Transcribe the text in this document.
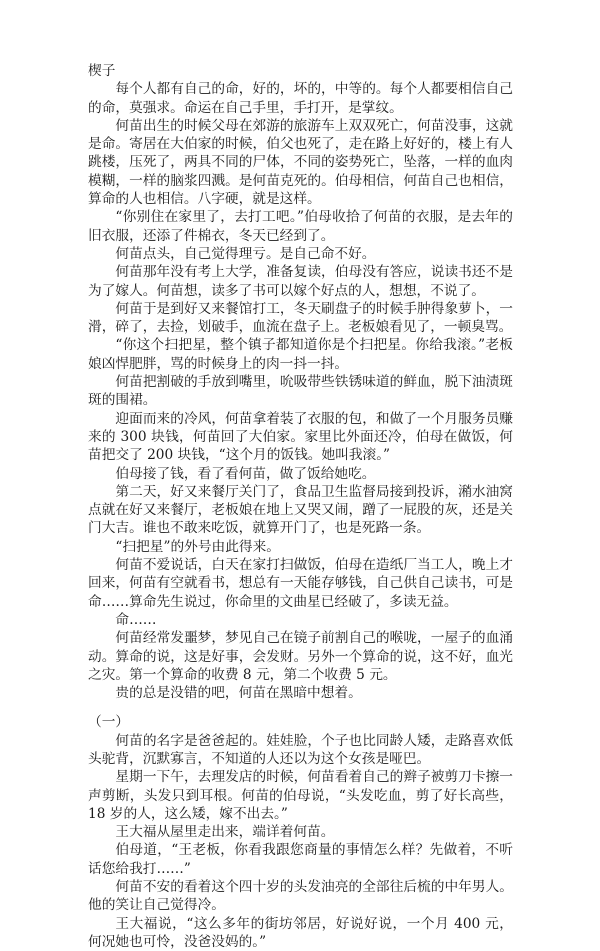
楔子

每个人都有自己的命，好的，坏的，中等的。每个人都要相信自己的命，莫强求。命运在自己手里，手打开，是掌纹。

何苗出生的时候父母在郊游的旅游车上双双死亡，何苗没事，这就是命。寄居在大伯家的时候，伯父也死了，走在路上好好的，楼上有人跳楼，压死了，两具不同的尸体，不同的姿势死亡，坠落，一样的血肉模糊，一样的脑浆四溅。是何苗克死的。伯母相信，何苗自己也相信，算命的人也相信。八字硬，就是这样。

“你别住在家里了，去打工吧。”伯母收拾了何苗的衣服，是去年的旧衣服，还添了件棉衣，冬天已经到了。

何苗点头，自己觉得理亏。是自己命不好。

何苗那年没有考上大学，准备复读，伯母没有答应，说读书还不是为了嫁人。何苗想，读多了书可以嫁个好点的人，想想，不说了。

何苗于是到好又来餐馆打工，冬天刷盘子的时候手肿得象萝卜，一滑，碎了，去捡，划破手，血流在盘子上。老板娘看见了，一顿臭骂。

“你这个扫把星，整个镇子都知道你是个扫把星。你给我滚。”老板娘凶悍肥胖，骂的时候身上的肉一抖一抖。

何苗把割破的手放到嘴里，吮吸带些铁锈味道的鲜血，脱下油渍斑斑的围裙。

迎面而来的冷风，何苗拿着装了衣服的包，和做了一个月服务员赚来的 300 块钱，何苗回了大伯家。家里比外面还冷，伯母在做饭，何苗把交了 200 块钱，“这个月的饭钱。她叫我滚。”

伯母接了钱，看了看何苗，做了饭给她吃。

第二天，好又来餐厅关门了，食品卫生监督局接到投诉，潲水油窝点就在好又来餐厅，老板娘在地上又哭又闹，蹭了一屁股的灰，还是关门大吉。谁也不敢来吃饭，就算开门了，也是死路一条。

“扫把星”的外号由此得来。

何苗不爱说话，白天在家打扫做饭，伯母在造纸厂当工人，晚上才回来，何苗有空就看书，想总有一天能存够钱，自己供自己读书，可是命……算命先生说过，你命里的文曲星已经破了，多读无益。

命……

何苗经常发噩梦，梦见自己在镜子前割自己的喉咙，一屋子的血涌动。算命的说，这是好事，会发财。另外一个算命的说，这不好，血光之灾。第一个算命的收费 8 元，第二个收费 5 元。

贵的总是没错的吧，何苗在黑暗中想着。

（一）

何苗的名字是爸爸起的。娃娃脸，个子也比同龄人矮，走路喜欢低头驼背，沉默寡言，不知道的人还以为这个女孩是哑巴。

星期一下午，去理发店的时候，何苗看着自己的辫子被剪刀卡擦一声剪断，头发只到耳根。何苗的伯母说，“头发吃血，剪了好长高些，18 岁的人，这么矮，嫁不出去。”

王大福从屋里走出来，端详着何苗。

伯母道，“王老板，你看我跟您商量的事情怎么样？先做着，不听话您给我打……”

何苗不安的看着这个四十岁的头发油亮的全部往后梳的中年男人。他的笑让自己觉得冷。

王大福说，“这么多年的街坊邻居，好说好说，一个月 400 元，何况她也可怜，没爸没妈的。”
